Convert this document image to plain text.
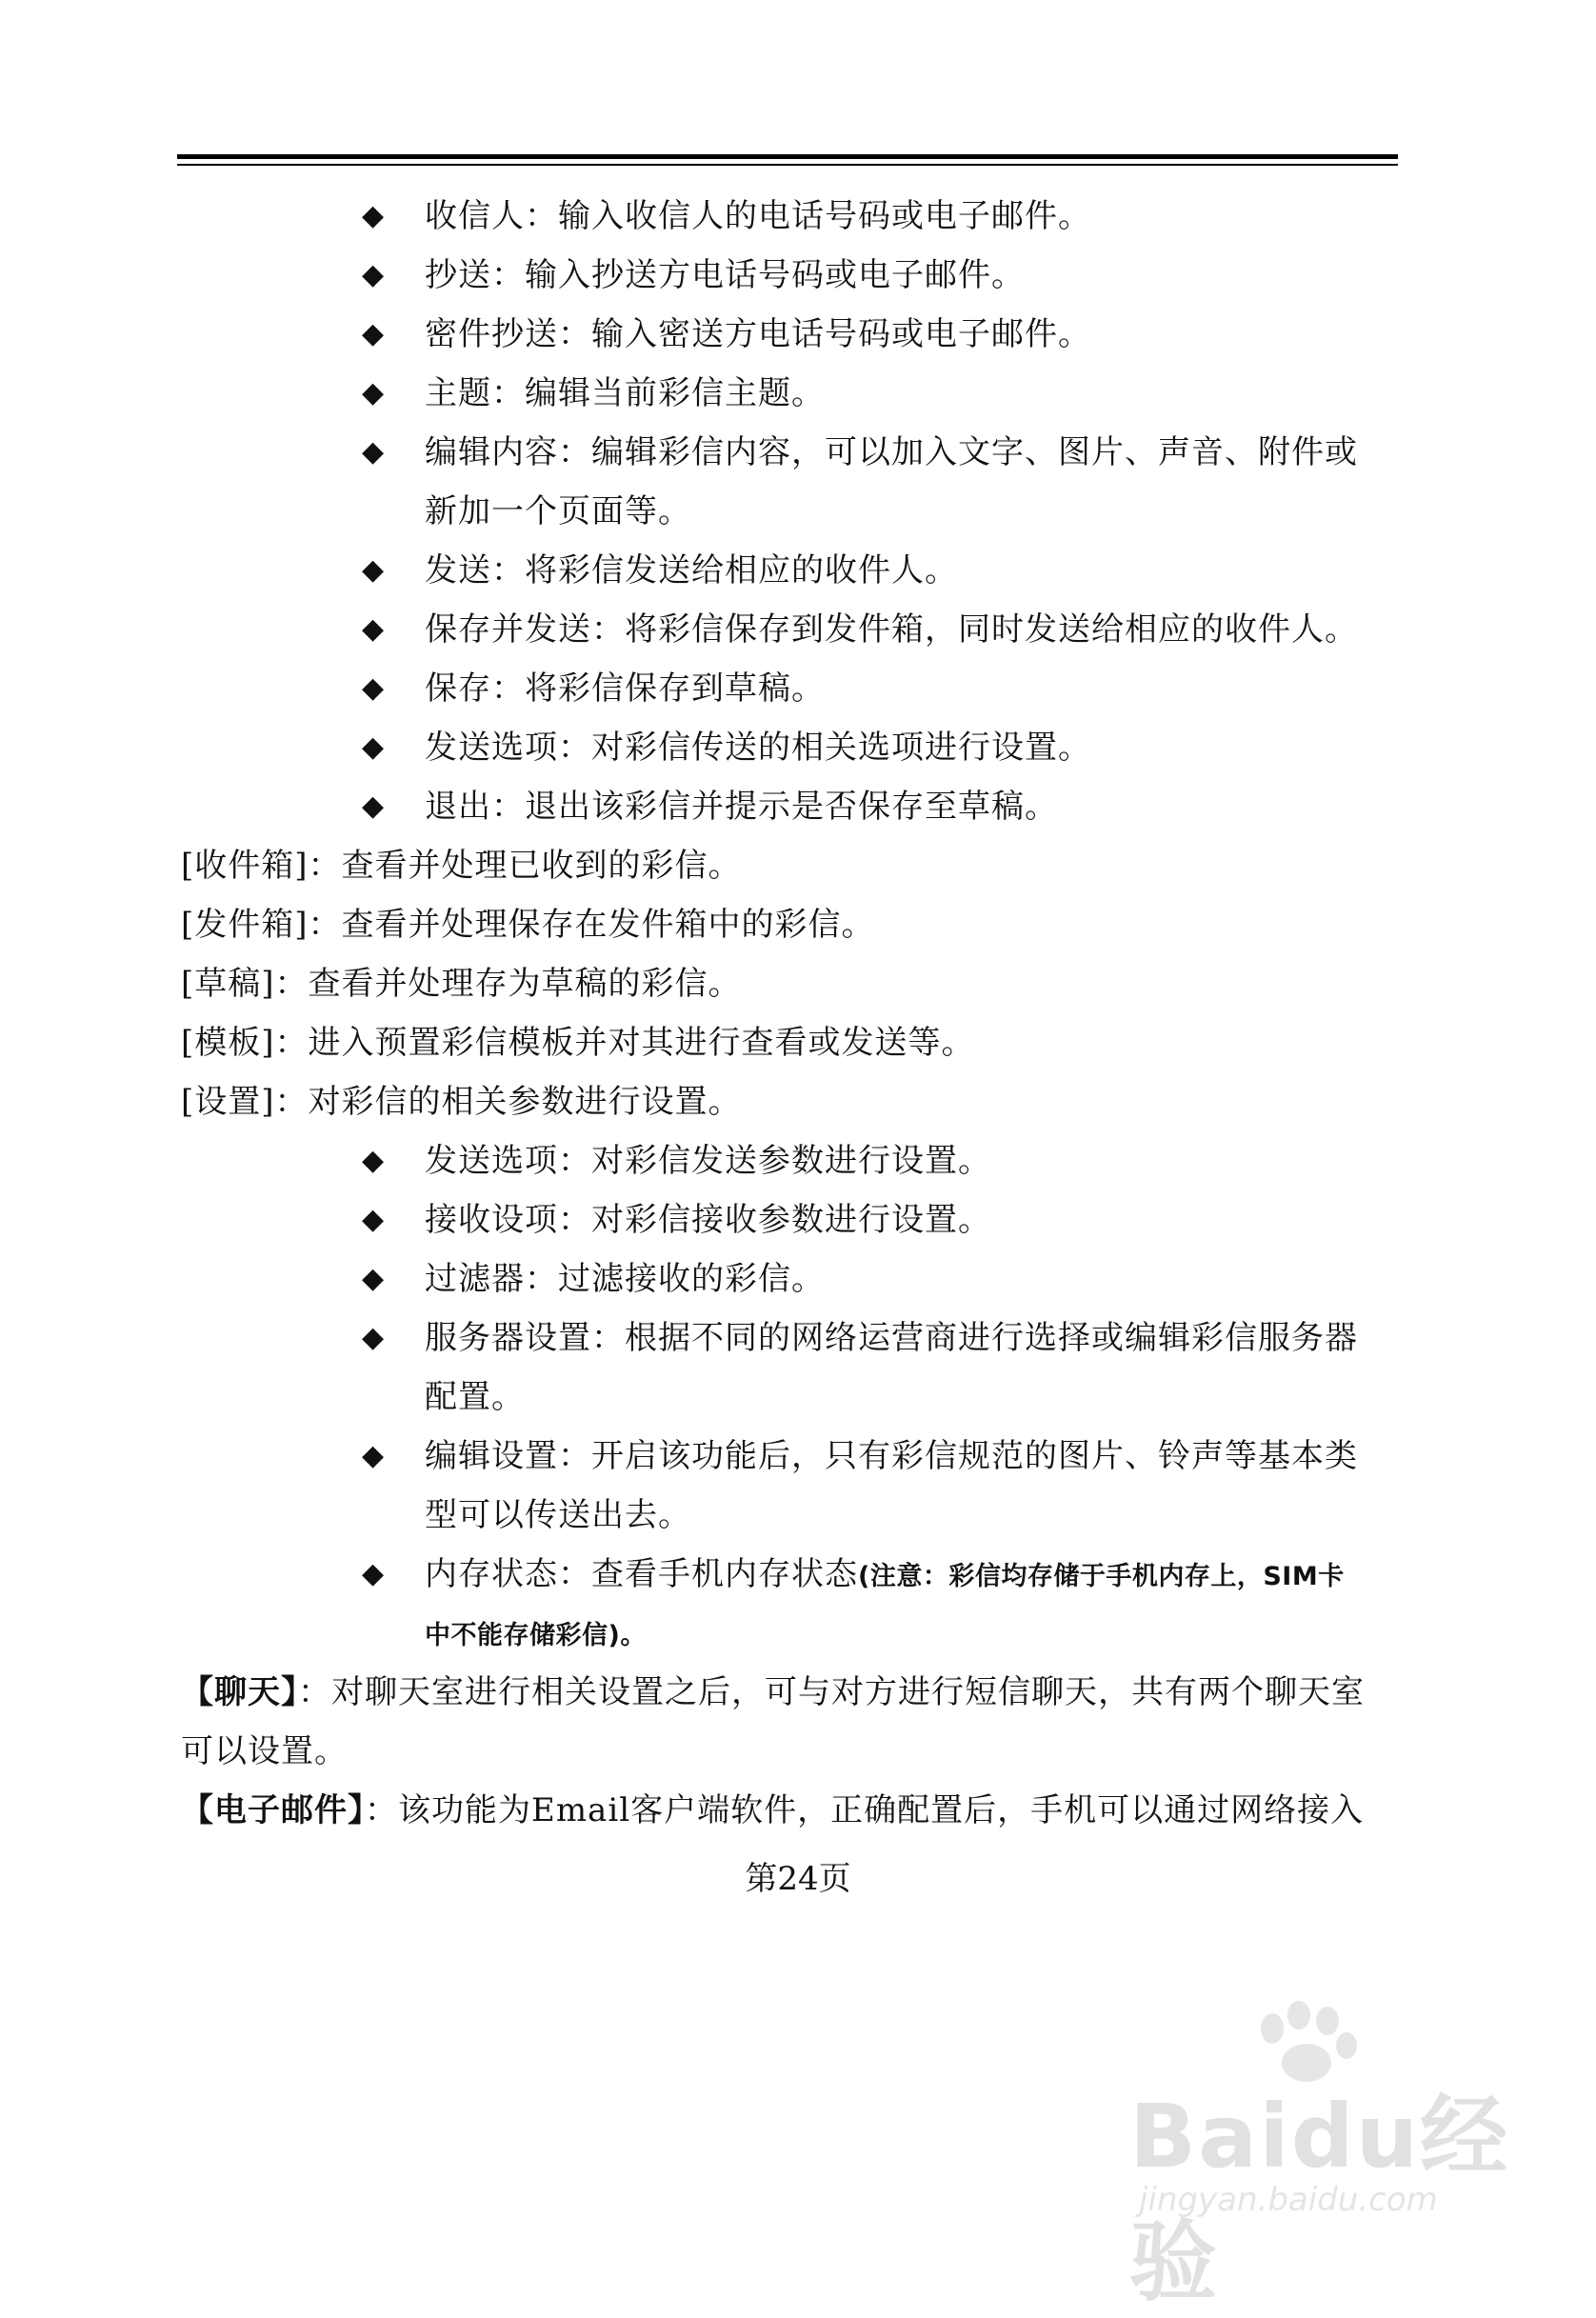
◆ 收信人：输入收信人的电话号码或电子邮件。
◆ 抄送：输入抄送方电话号码或电子邮件。
◆ 密件抄送：输入密送方电话号码或电子邮件。
◆ 主题：编辑当前彩信主题。
◆ 编辑内容：编辑彩信内容，可以加入文字、图片、声音、附件或
新加一个页面等。
◆ 发送：将彩信发送给相应的收件人。
◆ 保存并发送：将彩信保存到发件箱，同时发送给相应的收件人。
◆ 保存：将彩信保存到草稿。
◆ 发送选项：对彩信传送的相关选项进行设置。
◆ 退出：退出该彩信并提示是否保存至草稿。
[收件箱]：查看并处理已收到的彩信。
[发件箱]：查看并处理保存在发件箱中的彩信。
[草稿]：查看并处理存为草稿的彩信。
[模板]：进入预置彩信模板并对其进行查看或发送等。
[设置]：对彩信的相关参数进行设置。
◆ 发送选项：对彩信发送参数进行设置。
◆ 接收设项：对彩信接收参数进行设置。
◆ 过滤器：过滤接收的彩信。
◆ 服务器设置：根据不同的网络运营商进行选择或编辑彩信服务器
配置。
◆ 编辑设置：开启该功能后，只有彩信规范的图片、铃声等基本类
型可以传送出去。
◆ 内存状态：查看手机内存状态(注意：彩信均存储于手机内存上，SIM卡
中不能存储彩信)。
【聊天】：对聊天室进行相关设置之后，可与对方进行短信聊天，共有两个聊天室
可以设置。
【电子邮件】：该功能为Email客户端软件，正确配置后，手机可以通过网络接入
第24页
Baidu经验
jingyan.baidu.com
